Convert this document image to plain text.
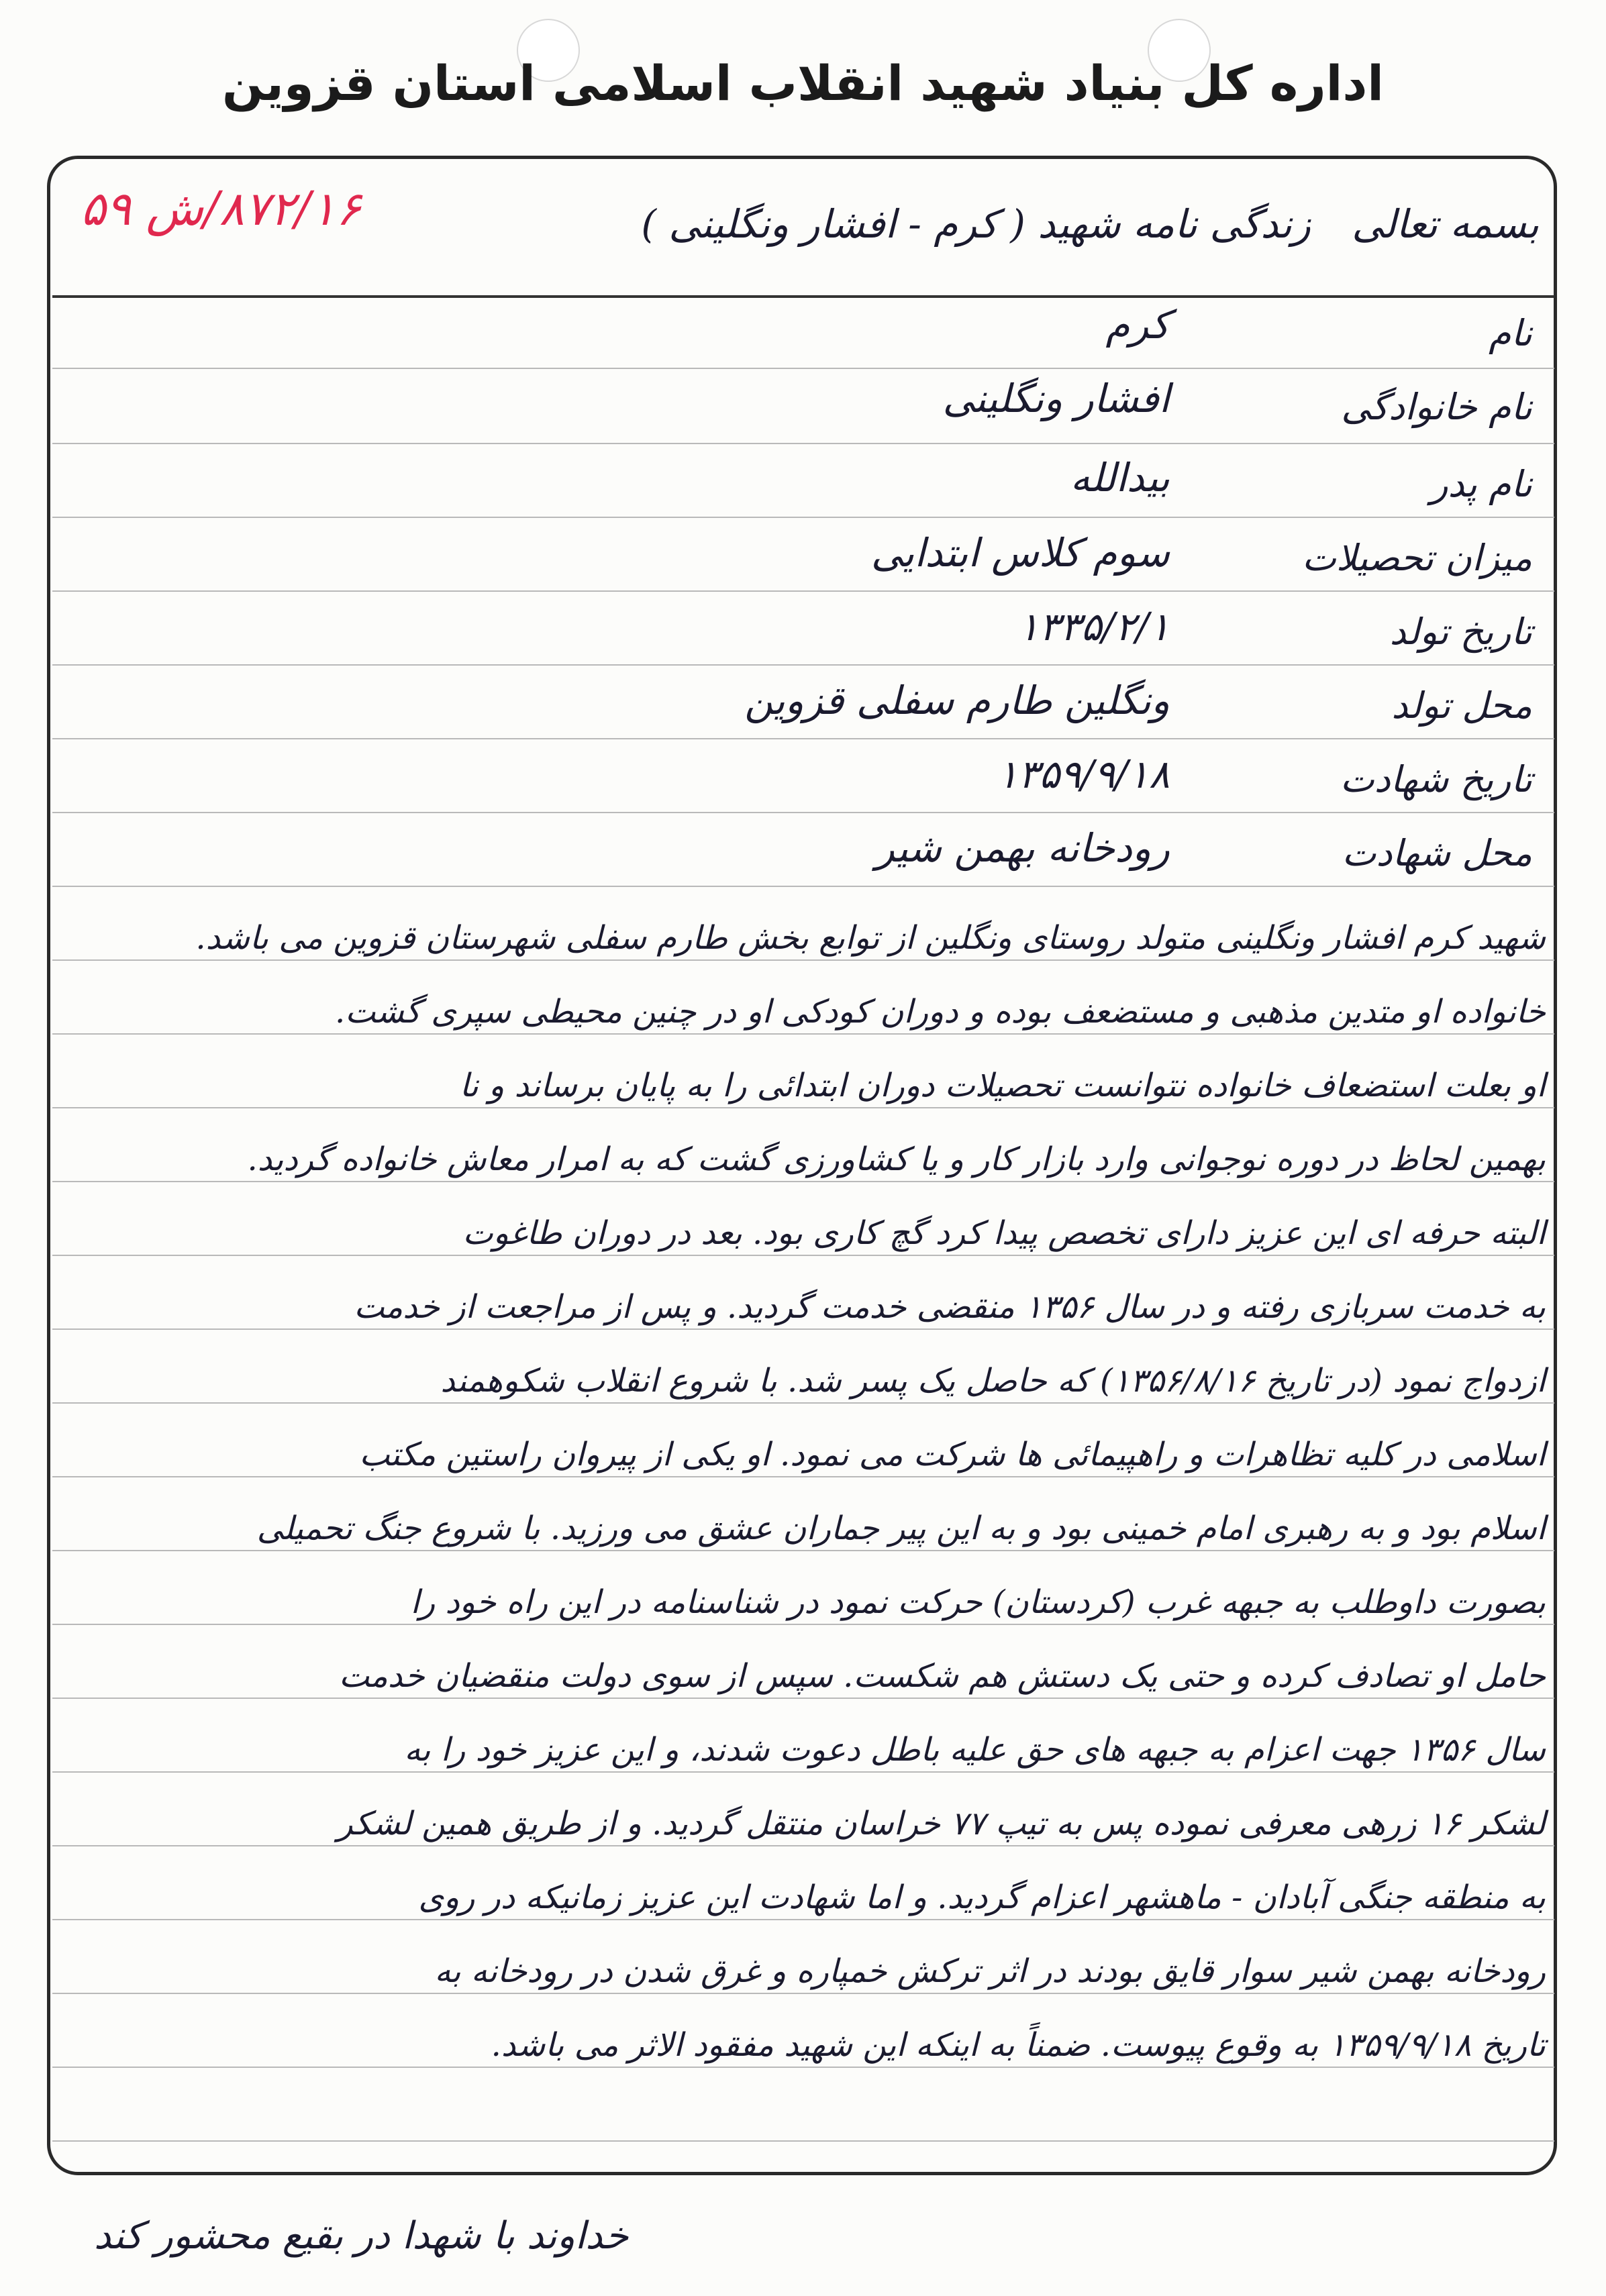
اداره کل بنیاد شهید انقلاب اسلامی استان قزوین
بسمه تعالی
زندگی نامه شهید ( کرم - افشار ونگلینی )
۸۷۲/۱۶/ش ۵۹
نام
کرم
نام خانوادگی
افشار ونگلینی
نام پدر
بیدالله
میزان تحصیلات
سوم کلاس ابتدایی
تاریخ تولد
۱۳۳۵/۲/۱
محل تولد
ونگلین طارم سفلی قزوین
تاریخ شهادت
۱۳۵۹/۹/۱۸
محل شهادت
رودخانه بهمن شیر
شهید کرم افشار ونگلینی متولد روستای ونگلین از توابع بخش طارم سفلی شهرستان قزوین می باشد.
خانواده او متدین مذهبی و مستضعف بوده و دوران کودکی او در چنین محیطی سپری گشت.
او بعلت استضعاف خانواده نتوانست تحصیلات دوران ابتدائی را به پایان برساند و نا
بهمین لحاظ در دوره نوجوانی وارد بازار کار و یا کشاورزی گشت که به امرار معاش خانواده گردید.
البته حرفه ای این عزیز دارای تخصص پیدا کرد گچ کاری بود. بعد در دوران طاغوت
به خدمت سربازی رفته و در سال ۱۳۵۶ منقضی خدمت گردید. و پس از مراجعت از خدمت
ازدواج نمود (در تاریخ ۱۳۵۶/۸/۱۶) که حاصل یک پسر شد. با شروع انقلاب شکوهمند
اسلامی در کلیه تظاهرات و راهپیمائی ها شرکت می نمود. او یکی از پیروان راستین مکتب
اسلام بود و به رهبری امام خمینی بود و به این پیر جماران عشق می ورزید. با شروع جنگ تحمیلی
بصورت داوطلب به جبهه غرب (کردستان) حرکت نمود در شناسنامه در این راه خود را
حامل او تصادف کرده و حتی یک دستش هم شکست. سپس از سوی دولت منقضیان خدمت
سال ۱۳۵۶ جهت اعزام به جبهه های حق علیه باطل دعوت شدند، و این عزیز خود را به
لشکر ۱۶ زرهی معرفی نموده پس به تیپ ۷۷ خراسان منتقل گردید. و از طریق همین لشکر
به منطقه جنگی آبادان - ماهشهر اعزام گردید. و اما شهادت این عزیز زمانیکه در روی
رودخانه بهمن شیر سوار قایق بودند در اثر ترکش خمپاره و غرق شدن در رودخانه به
تاریخ ۱۳۵۹/۹/۱۸ به وقوع پیوست. ضمناً به اینکه این شهید مفقود الاثر می باشد.
خداوند با شهدا در بقیع محشور کند
